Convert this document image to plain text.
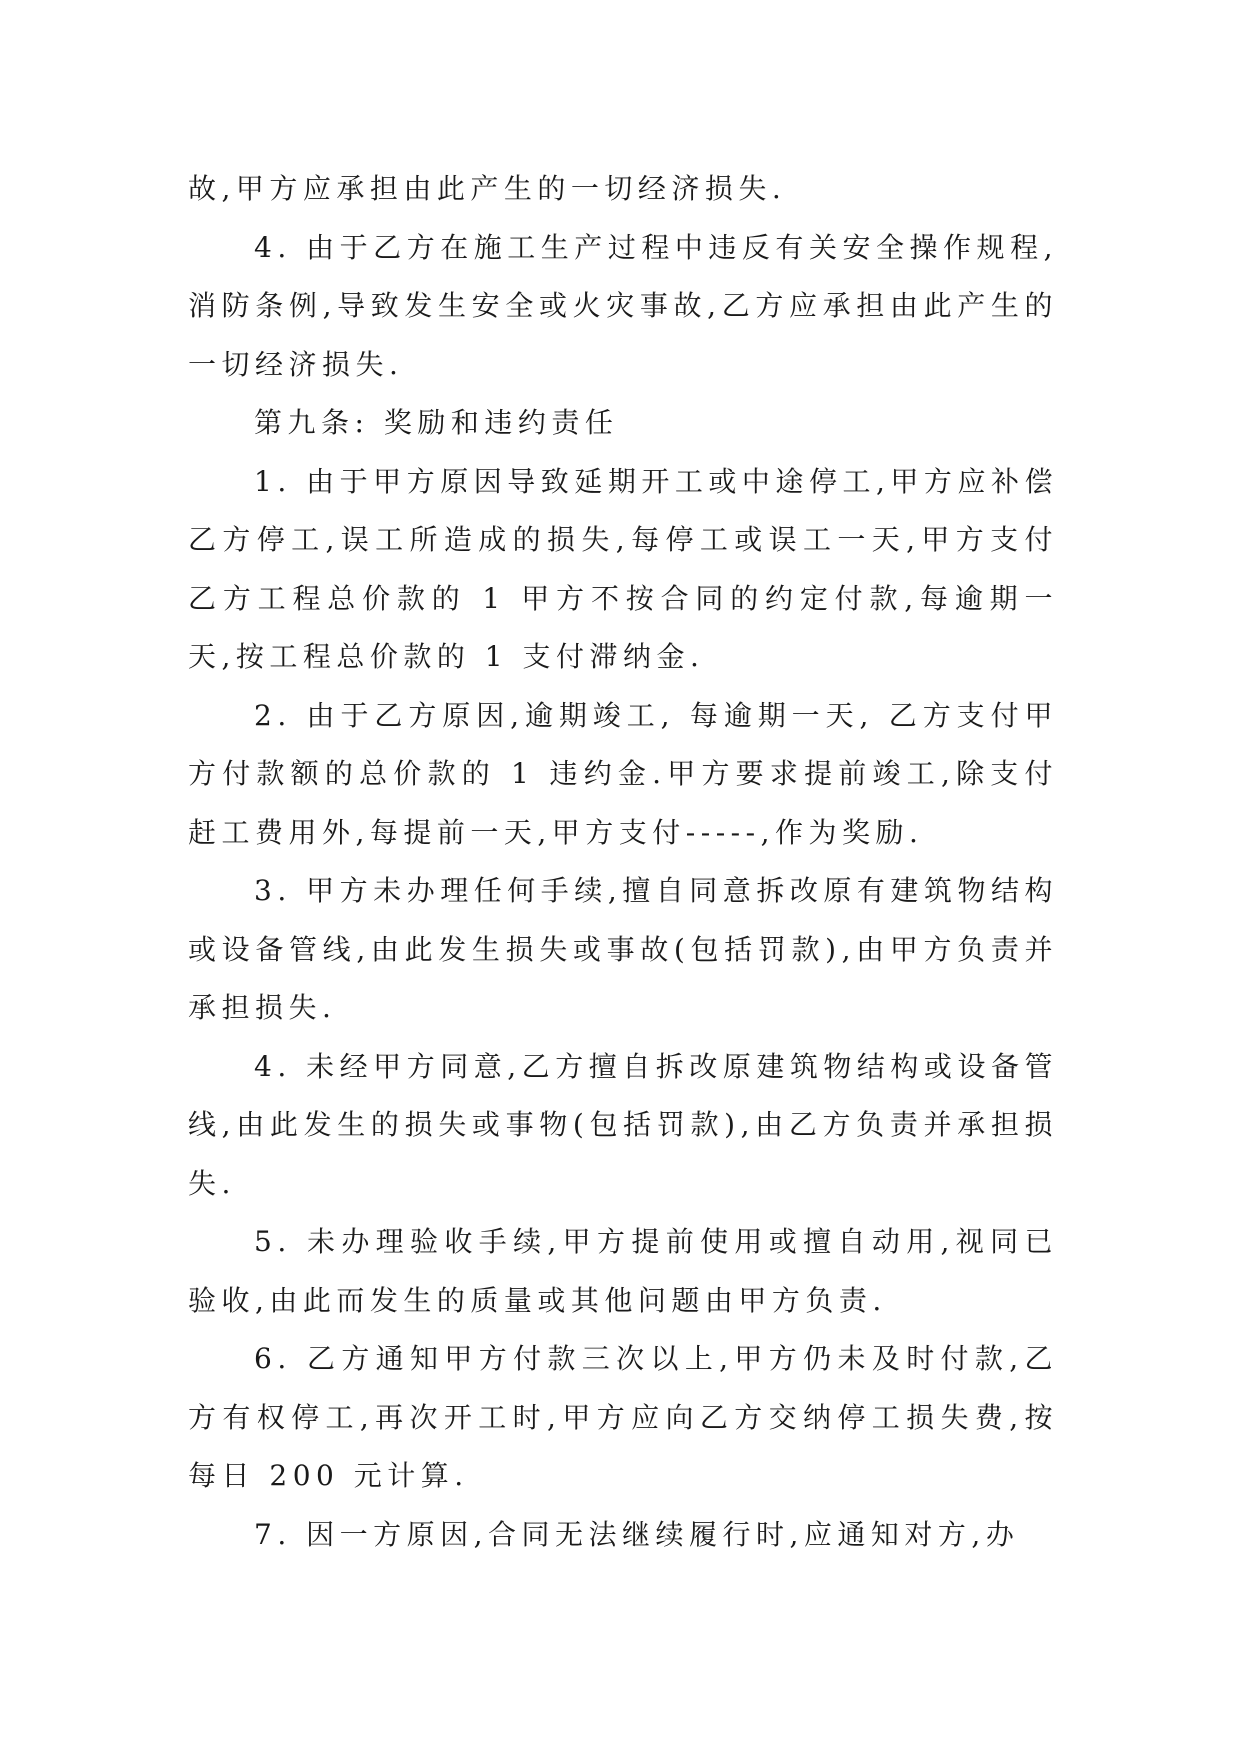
故,甲方应承担由此产生的一切经济损失.

4. 由于乙方在施工生产过程中违反有关安全操作规程,消防条例,导致发生安全或火灾事故,乙方应承担由此产生的一切经济损失.

第九条: 奖励和违约责任

1. 由于甲方原因导致延期开工或中途停工,甲方应补偿乙方停工,误工所造成的损失,每停工或误工一天,甲方支付乙方工程总价款的 1 甲方不按合同的约定付款,每逾期一天,按工程总价款的 1 支付滞纳金.

2. 由于乙方原因,逾期竣工, 每逾期一天, 乙方支付甲方付款额的总价款的 1 违约金.甲方要求提前竣工,除支付赶工费用外,每提前一天,甲方支付-----,作为奖励.

3. 甲方未办理任何手续,擅自同意拆改原有建筑物结构或设备管线,由此发生损失或事故(包括罚款),由甲方负责并承担损失.

4. 未经甲方同意,乙方擅自拆改原建筑物结构或设备管线,由此发生的损失或事物(包括罚款),由乙方负责并承担损失.

5. 未办理验收手续,甲方提前使用或擅自动用,视同已验收,由此而发生的质量或其他问题由甲方负责.

6. 乙方通知甲方付款三次以上,甲方仍未及时付款,乙方有权停工,再次开工时,甲方应向乙方交纳停工损失费,按每日 200 元计算.

7. 因一方原因,合同无法继续履行时,应通知对方,办
